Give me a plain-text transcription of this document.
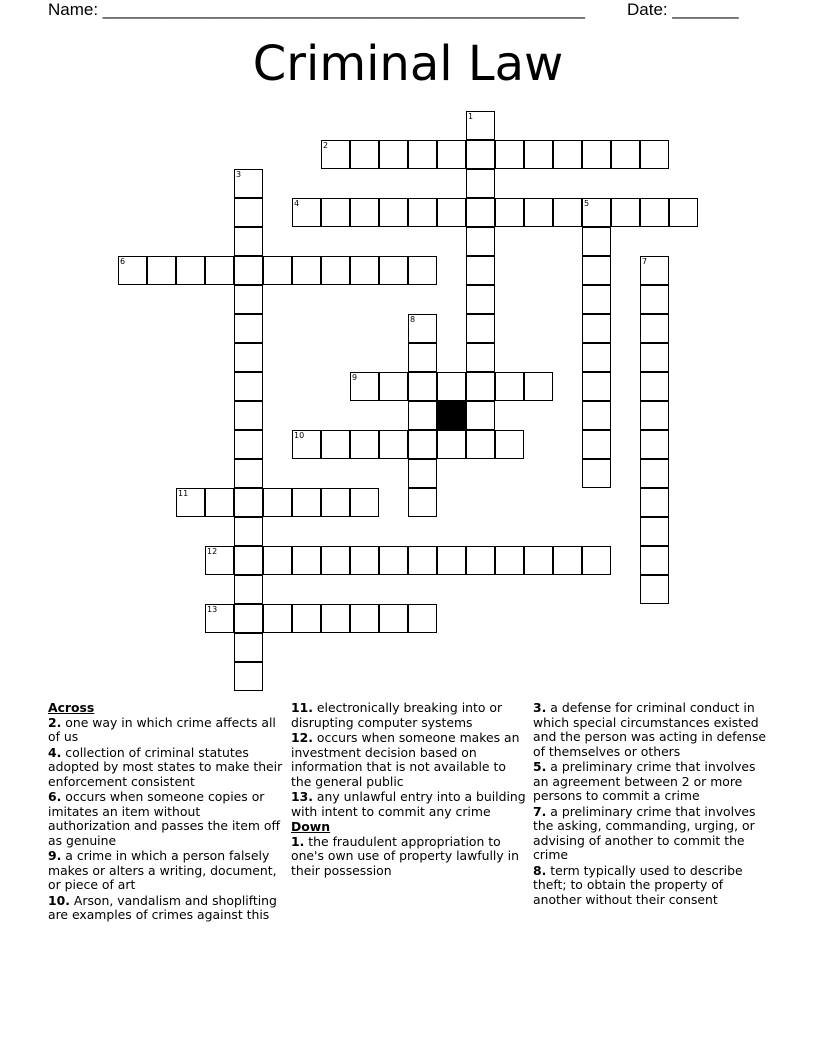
Name: ___________________________________________________ Date: _______
Criminal Law
1
2
3
4	5
6	7
8
9
10
11
12
13
Across
2. one way in which crime affects all of us
4. collection of criminal statutes adopted by most states to make their enforcement consistent
6. occurs when someone copies or imitates an item without authorization and passes the item off as genuine
9. a crime in which a person falsely makes or alters a writing, document, or piece of art
10. Arson, vandalism and shoplifting are examples of crimes against this
11. electronically breaking into or disrupting computer systems
12. occurs when someone makes an investment decision based on information that is not available to the general public
13. any unlawful entry into a building with intent to commit any crime
Down
1. the fraudulent appropriation to one's own use of property lawfully in their possession
3. a defense for criminal conduct in which special circumstances existed and the person was acting in defense of themselves or others
5. a preliminary crime that involves an agreement between 2 or more persons to commit a crime
7. a preliminary crime that involves the asking, commanding, urging, or advising of another to commit the crime
8. term typically used to describe theft; to obtain the property of another without their consent
